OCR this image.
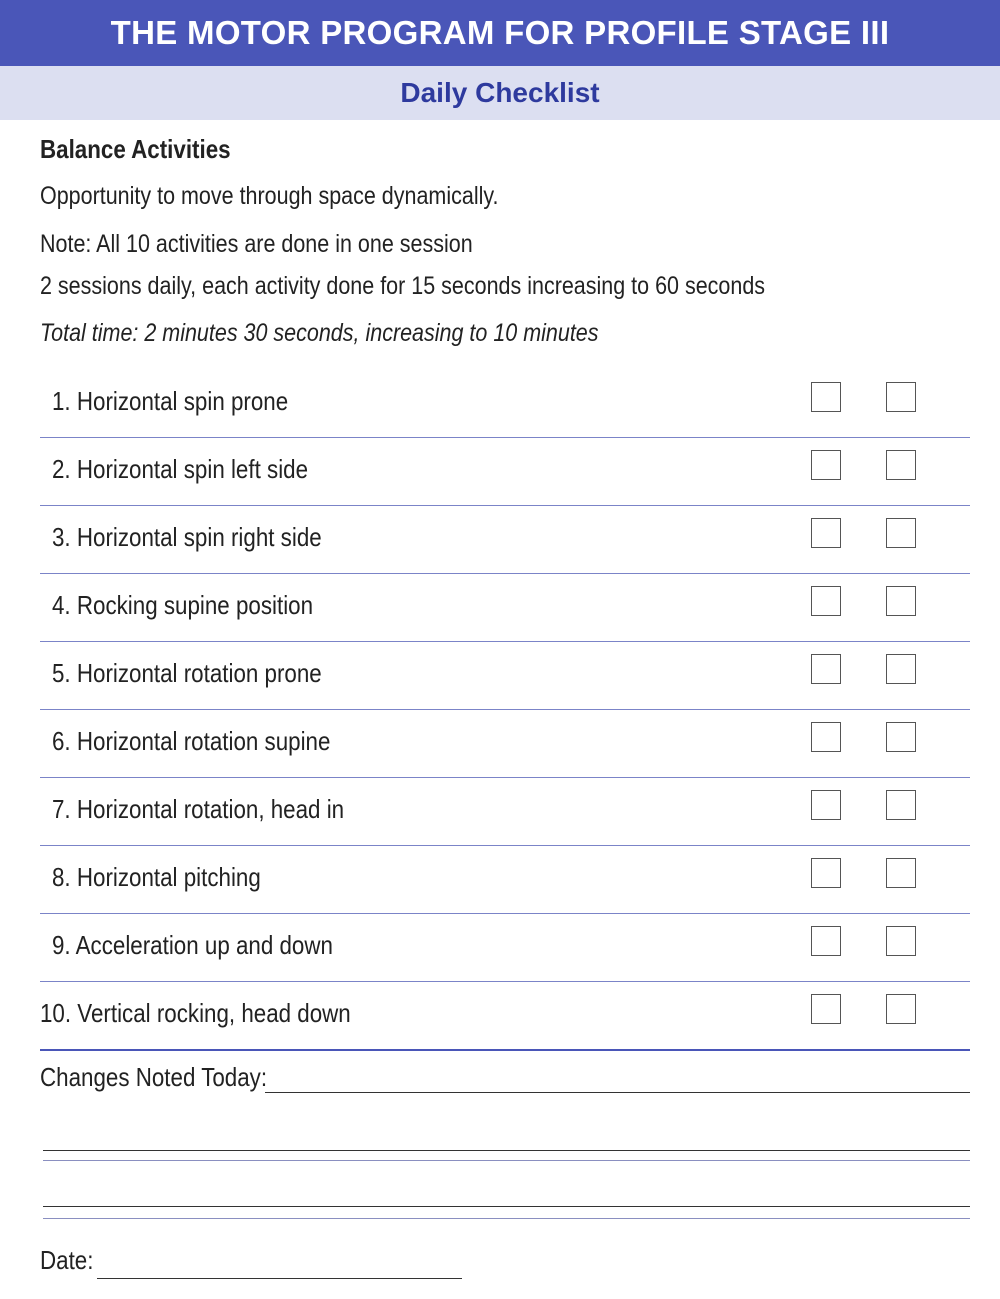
THE MOTOR PROGRAM FOR PROFILE STAGE III
Daily Checklist
Balance Activities
Opportunity to move through space dynamically.
Note: All 10 activities are done in one session
2 sessions daily, each activity done for 15 seconds increasing to 60 seconds
Total time: 2 minutes 30 seconds, increasing to 10 minutes
1. Horizontal spin prone
2. Horizontal spin left side
3. Horizontal spin right side
4. Rocking supine position
5. Horizontal rotation prone
6. Horizontal rotation supine
7. Horizontal rotation, head in
8. Horizontal pitching
9. Acceleration up and down
10. Vertical rocking, head down
Changes Noted Today:
Date:
